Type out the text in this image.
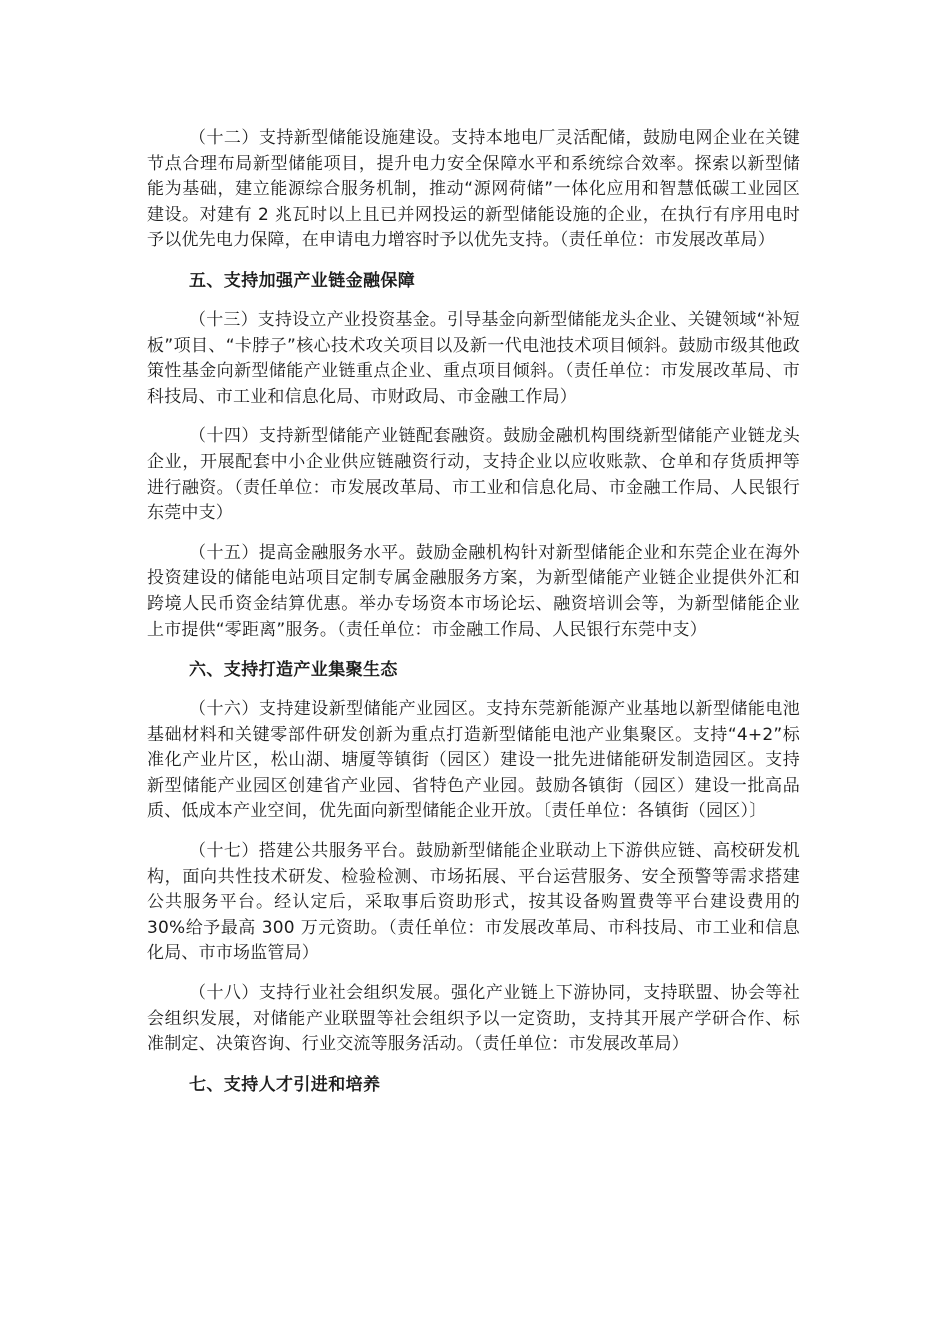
（十二）支持新型储能设施建设。支持本地电厂灵活配储，鼓励电网企业在关键节点合理布局新型储能项目，提升电力安全保障水平和系统综合效率。探索以新型储能为基础，建立能源综合服务机制，推动“源网荷储”一体化应用和智慧低碳工业园区建设。对建有 2 兆瓦时以上且已并网投运的新型储能设施的企业，在执行有序用电时予以优先电力保障，在申请电力增容时予以优先支持。（责任单位：市发展改革局）

五、支持加强产业链金融保障

（十三）支持设立产业投资基金。引导基金向新型储能龙头企业、关键领域“补短板”项目、“卡脖子”核心技术攻关项目以及新一代电池技术项目倾斜。鼓励市级其他政策性基金向新型储能产业链重点企业、重点项目倾斜。（责任单位：市发展改革局、市科技局、市工业和信息化局、市财政局、市金融工作局）

（十四）支持新型储能产业链配套融资。鼓励金融机构围绕新型储能产业链龙头企业，开展配套中小企业供应链融资行动，支持企业以应收账款、仓单和存货质押等进行融资。（责任单位：市发展改革局、市工业和信息化局、市金融工作局、人民银行东莞中支）

（十五）提高金融服务水平。鼓励金融机构针对新型储能企业和东莞企业在海外投资建设的储能电站项目定制专属金融服务方案，为新型储能产业链企业提供外汇和跨境人民币资金结算优惠。举办专场资本市场论坛、融资培训会等，为新型储能企业上市提供“零距离”服务。（责任单位：市金融工作局、人民银行东莞中支）

六、支持打造产业集聚生态

（十六）支持建设新型储能产业园区。支持东莞新能源产业基地以新型储能电池基础材料和关键零部件研发创新为重点打造新型储能电池产业集聚区。支持“4+2”标准化产业片区，松山湖、塘厦等镇街（园区）建设一批先进储能研发制造园区。支持新型储能产业园区创建省产业园、省特色产业园。鼓励各镇街（园区）建设一批高品质、低成本产业空间，优先面向新型储能企业开放。〔责任单位：各镇街（园区）〕

（十七）搭建公共服务平台。鼓励新型储能企业联动上下游供应链、高校研发机构，面向共性技术研发、检验检测、市场拓展、平台运营服务、安全预警等需求搭建公共服务平台。经认定后，采取事后资助形式，按其设备购置费等平台建设费用的 30%给予最高 300 万元资助。（责任单位：市发展改革局、市科技局、市工业和信息化局、市市场监管局）

（十八）支持行业社会组织发展。强化产业链上下游协同，支持联盟、协会等社会组织发展，对储能产业联盟等社会组织予以一定资助，支持其开展产学研合作、标准制定、决策咨询、行业交流等服务活动。（责任单位：市发展改革局）

七、支持人才引进和培养
